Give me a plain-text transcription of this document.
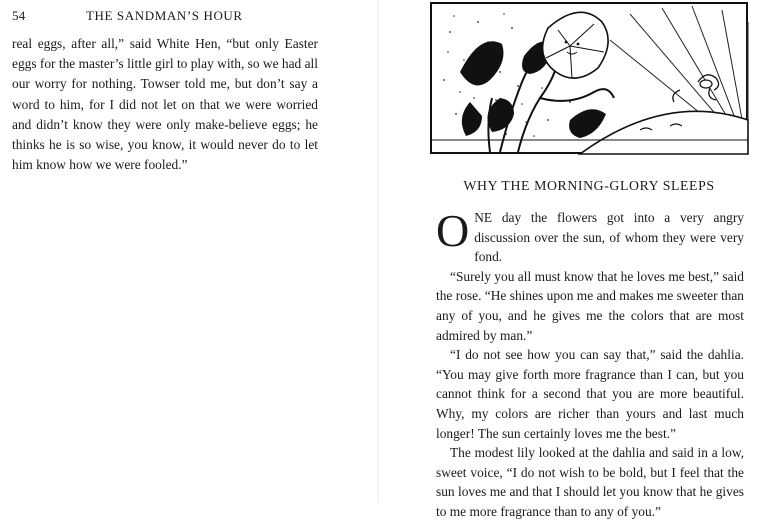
54	THE SANDMAN’S HOUR

real eggs, after all,” said White Hen, “but only Easter eggs for the master’s little girl to play with, so we had all our worry for nothing. Towser told me, but don’t say a word to him, for I did not let on that we were worried and didn’t know they were only make-believe eggs; he thinks he is so wise, you know, it would never do to let him know how we were fooled.”

WHY THE MORNING-GLORY SLEEPS

ONE day the flowers got into a very angry discussion over the sun, of whom they were very fond.

“Surely you all must know that he loves me best,” said the rose. “He shines upon me and makes me sweeter than any of you, and he gives me the colors that are most admired by man.”

“I do not see how you can say that,” said the dahlia. “You may give forth more fragrance than I can, but you cannot think for a second that you are more beautiful. Why, my colors are richer than yours and last much longer! The sun certainly loves me the best.”

The modest lily looked at the dahlia and said in a low, sweet voice, “I do not wish to be bold, but I feel that the sun loves me and that I should let you know that he gives to me more fragrance than to any of you.”
